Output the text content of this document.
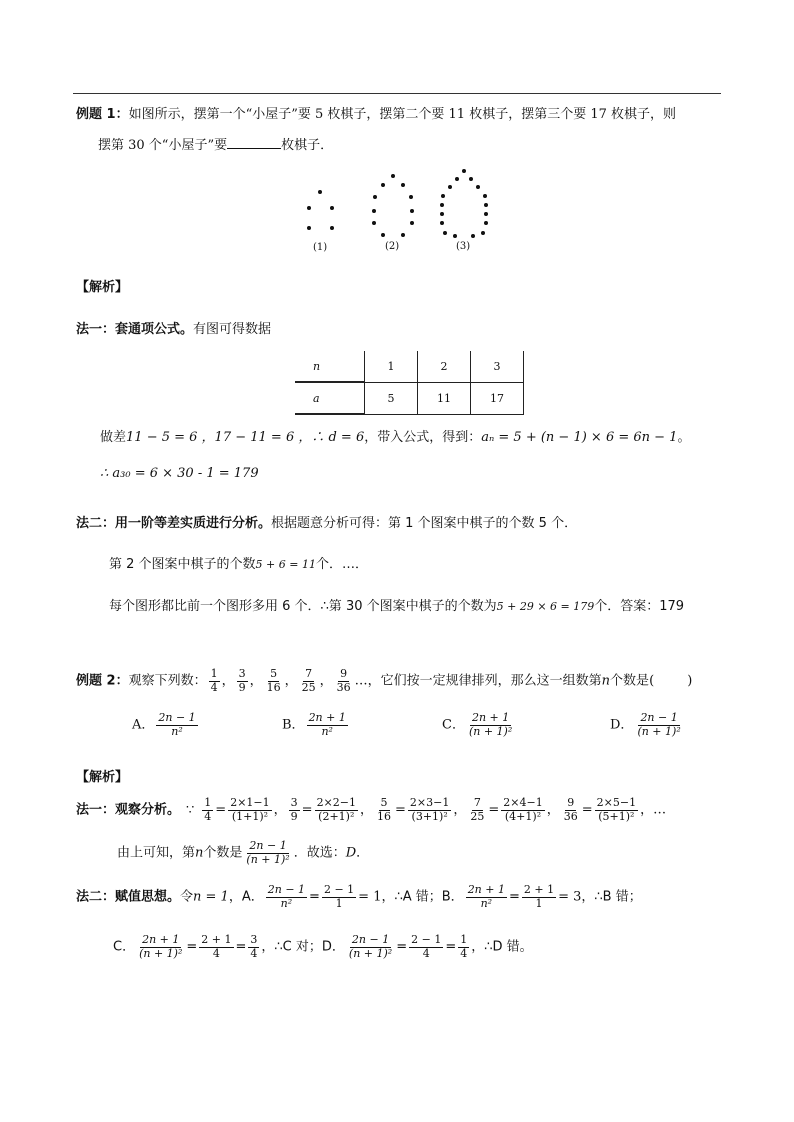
例题 1：如图所示，摆第一个“小屋子”要 5 枚棋子，摆第二个要 11 枚棋子，摆第三个要 17 枚棋子，则
摆第 30 个“小屋子”要	枚棋子．
(1)	(2)	(3)
【解析】
法一：套通项公式。有图可得数据
n	1	2	3
a	5	11	17
做差11 − 5 = 6 ，17 − 11 = 6 ，∴ d = 6，带入公式，得到：aₙ = 5 + (n − 1) × 6 = 6n − 1。
∴ a₃₀ = 6 × 30 - 1 = 179
法二：用一阶等差实质进行分析。根据题意分析可得：第 1 个图案中棋子的个数 5 个．
第 2 个图案中棋子的个数5 + 6 = 11个．…．
每个图形都比前一个图形多用 6 个．∴第 30 个图案中棋子的个数为5 + 29 × 6 = 179个．答案：179
例题 2：观察下列数： $\frac{1}{4}$ ， $\frac{3}{9}$ ， $\frac{5}{16}$ ， $\frac{7}{25}$ ， $\frac{9}{36}$ …，它们按一定规律排列，那么这一组数第n个数是(        )
A． $\frac{2n - 1}{\text{n²}}$	B． $\frac{2n + 1}{\text{n²}}$	C． $\frac{2n + 1}{\text{(n + 1)²}}$	D． $\frac{2n - 1}{\text{(n + 1)²}}$
【解析】
法一：观察分析。 ∵ $\frac{1}{4} = \frac{2\times 1-1}{\text{(1+1)²}}$ ， $\frac{3}{9} = \frac{2\times 2-1}{\text{(2+1)²}}$ ， $\frac{5}{16} = \frac{2\times 3-1}{\text{(3+1)²}}$ ， $\frac{7}{25} = \frac{2\times 4-1}{\text{(4+1)²}}$ ， $\frac{9}{36} = \frac{2\times 5-1}{\text{(5+1)²}}$ ，…
由上可知，第n个数是 $\frac{2n - 1}{\text{(n + 1)²}}$ ．故选：D．
法二：赋值思想。令n = 1，A． $\frac{2n - 1}{\text{n²}} = \frac{2 - 1}{1} = 1$，∴A 错；B． $\frac{2n + 1}{\text{n²}} = \frac{2 + 1}{1} = 3$，∴B 错；
C． $\frac{2n + 1}{\text{(n + 1)²}} = \frac{2 + 1}{4} = \frac{3}{4}$ ，∴C 对；D． $\frac{2n - 1}{\text{(n + 1)²}} = \frac{2 - 1}{4} = \frac{1}{4}$ ，∴D 错。
